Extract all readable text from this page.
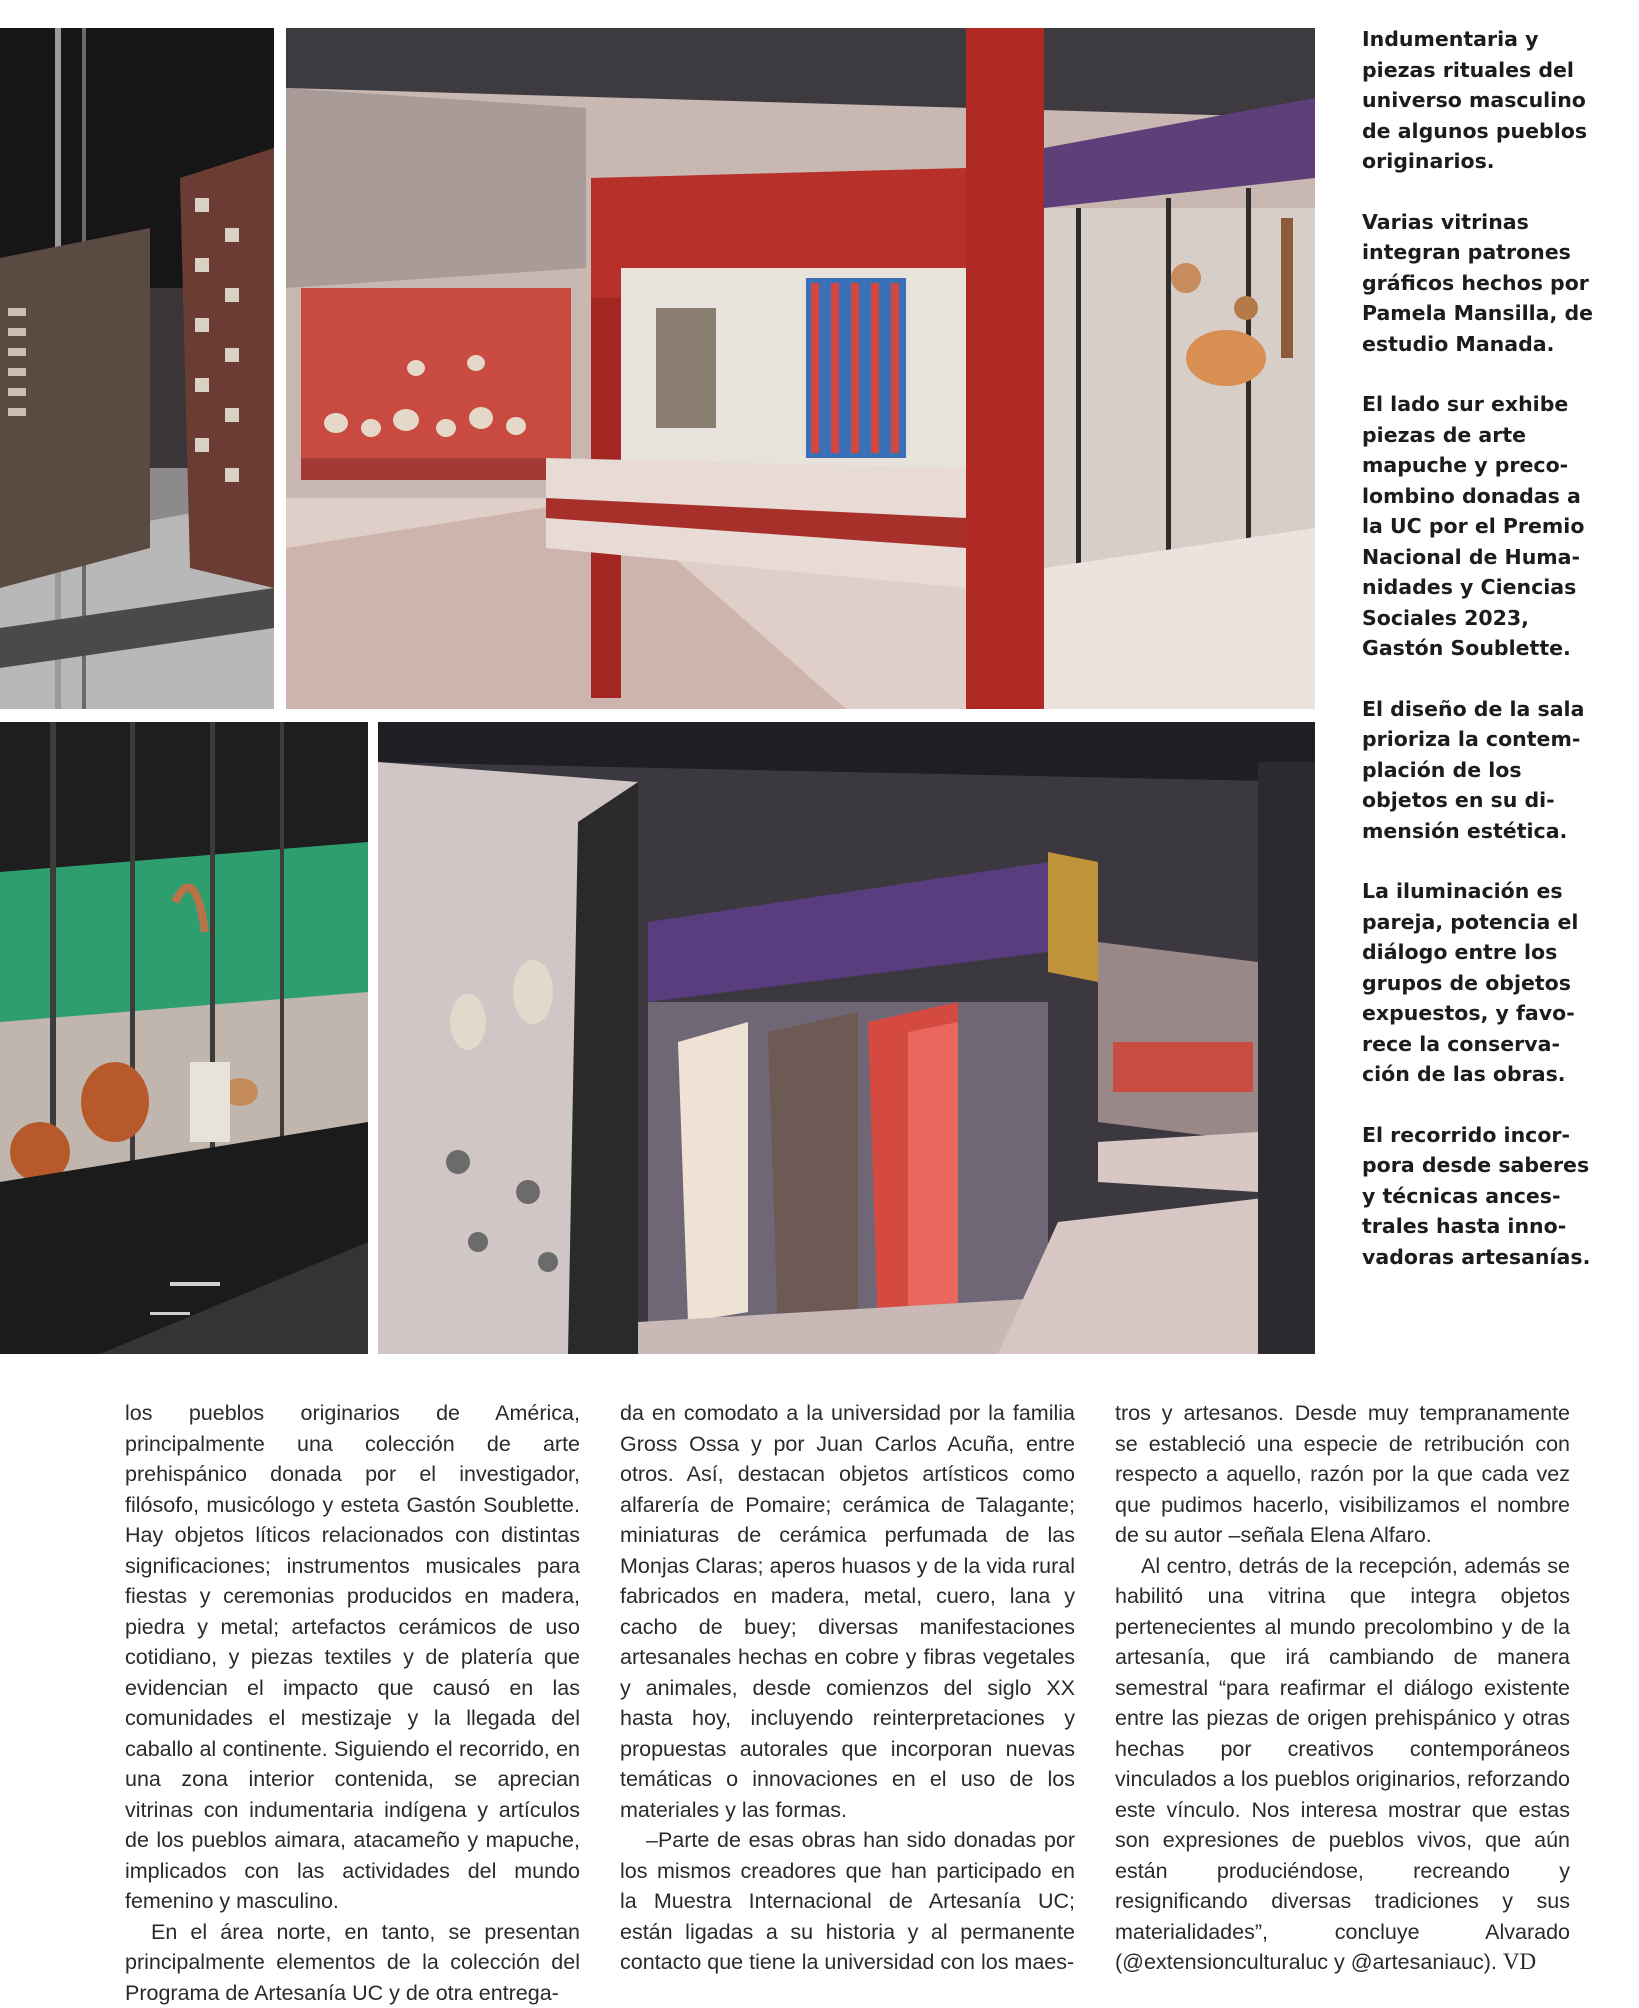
Indumentaria y
piezas rituales del
universo masculino
de algunos pueblos
originarios.

Varias vitrinas
integran patrones
gráficos hechos por
Pamela Mansilla, de
estudio Manada.

El lado sur exhibe
piezas de arte
mapuche y preco-
lombino donadas a
la UC por el Premio
Nacional de Huma-
nidades y Ciencias
Sociales 2023,
Gastón Soublette.

El diseño de la sala
prioriza la contem-
plación de los
objetos en su di-
mensión estética.

La iluminación es
pareja, potencia el
diálogo entre los
grupos de objetos
expuestos, y favo-
rece la conserva-
ción de las obras.

El recorrido incor-
pora desde saberes
y técnicas ances-
trales hasta inno-
vadoras artesanías.

los pueblos originarios de América, principalmente una colección de arte prehispánico donada por el investigador, filósofo, musicólogo y esteta Gastón Soublette. Hay objetos líticos relacionados con distintas significaciones; instrumentos musicales para fiestas y ceremonias producidos en madera, piedra y metal; artefactos cerámicos de uso cotidiano, y piezas textiles y de platería que evidencian el impacto que causó en las comunidades el mestizaje y la llegada del caballo al continente. Siguiendo el recorrido, en una zona interior contenida, se aprecian vitrinas con indumentaria indígena y artículos de los pueblos aimara, atacameño y mapuche, implicados con las actividades del mundo femenino y masculino.

En el área norte, en tanto, se presentan principalmente elementos de la colección del Programa de Artesanía UC y de otra entrega-

da en comodato a la universidad por la familia Gross Ossa y por Juan Carlos Acuña, entre otros. Así, destacan objetos artísticos como alfarería de Pomaire; cerámica de Talagante; miniaturas de cerámica perfumada de las Monjas Claras; aperos huasos y de la vida rural fabricados en madera, metal, cuero, lana y cacho de buey; diversas manifestaciones artesanales hechas en cobre y fibras vegetales y animales, desde comienzos del siglo XX hasta hoy, incluyendo reinterpretaciones y propuestas autorales que incorporan nuevas temáticas o innovaciones en el uso de los materiales y las formas.

–Parte de esas obras han sido donadas por los mismos creadores que han participado en la Muestra Internacional de Artesanía UC; están ligadas a su historia y al permanente contacto que tiene la universidad con los maes-

tros y artesanos. Desde muy tempranamente se estableció una especie de retribución con respecto a aquello, razón por la que cada vez que pudimos hacerlo, visibilizamos el nombre de su autor –señala Elena Alfaro.

Al centro, detrás de la recepción, además se habilitó una vitrina que integra objetos pertenecientes al mundo precolombino y de la artesanía, que irá cambiando de manera semestral “para reafirmar el diálogo existente entre las piezas de origen prehispánico y otras hechas por creativos contemporáneos vinculados a los pueblos originarios, reforzando este vínculo. Nos interesa mostrar que estas son expresiones de pueblos vivos, que aún están produciéndose, recreando y resignificando diversas tradiciones y sus materialidades”, concluye Alvarado (@extensionculturaluc y @artesaniauc). VD
